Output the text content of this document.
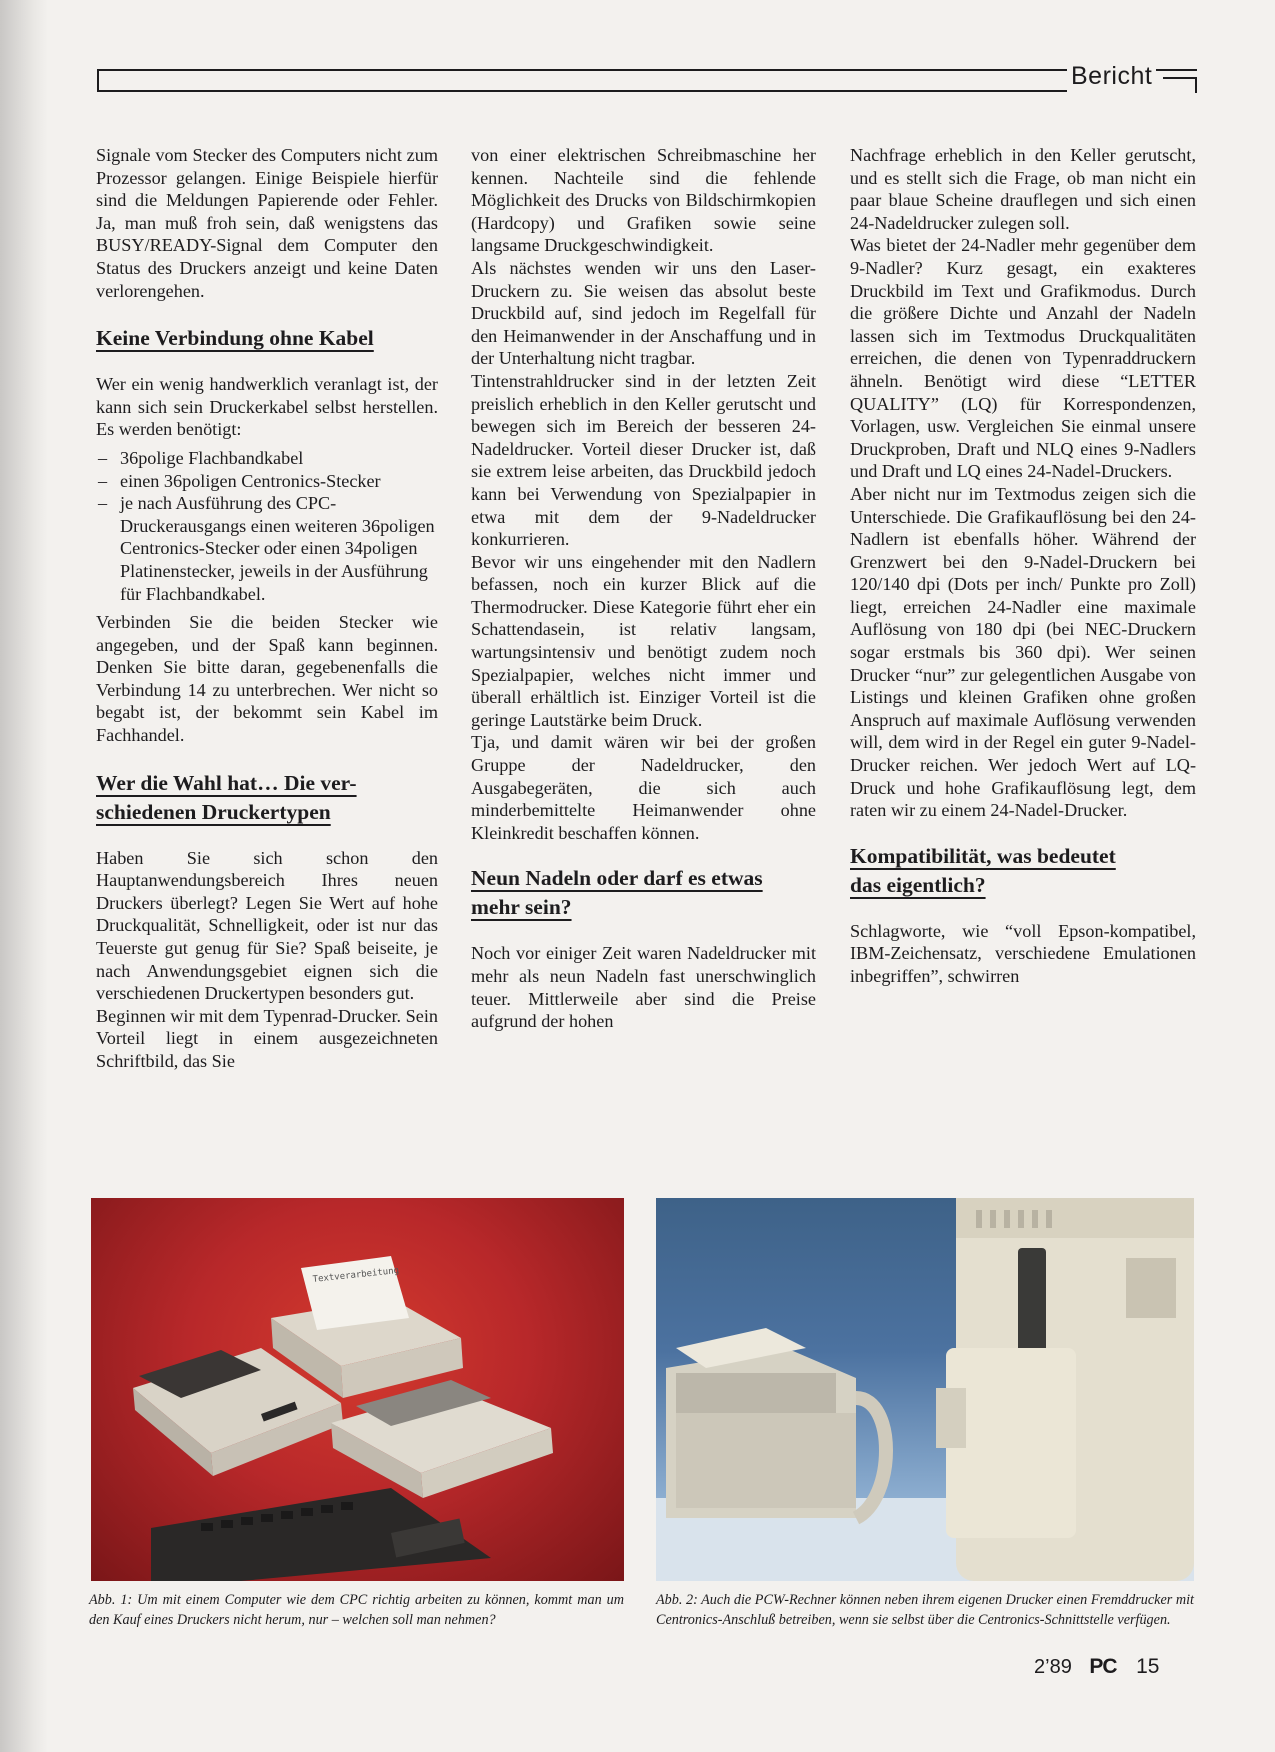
Bericht

Signale vom Stecker des Computers nicht zum Prozessor gelangen. Einige Beispiele hierfür sind die Meldungen Papierende oder Fehler. Ja, man muß froh sein, daß wenigstens das BUSY/READY-Signal dem Computer den Status des Druckers anzeigt und keine Daten verlorengehen.

Keine Verbindung ohne Kabel

Wer ein wenig handwerklich veranlagt ist, der kann sich sein Druckerkabel selbst herstellen. Es werden benötigt:

– 36polige Flachbandkabel
– einen 36poligen Centronics-Stecker
– je nach Ausführung des CPC-Druckerausgangs einen weiteren 36poligen Centronics-Stecker oder einen 34poligen Platinenstecker, jeweils in der Ausführung für Flachbandkabel.

Verbinden Sie die beiden Stecker wie angegeben, und der Spaß kann beginnen. Denken Sie bitte daran, gegebenenfalls die Verbindung 14 zu unterbrechen. Wer nicht so begabt ist, der bekommt sein Kabel im Fachhandel.

Wer die Wahl hat… Die ver-
schiedenen Druckertypen

Haben Sie sich schon den Hauptanwendungsbereich Ihres neuen Druckers überlegt? Legen Sie Wert auf hohe Druckqualität, Schnelligkeit, oder ist nur das Teuerste gut genug für Sie? Spaß beiseite, je nach Anwendungsgebiet eignen sich die verschiedenen Druckertypen besonders gut.

Beginnen wir mit dem Typenrad-Drucker. Sein Vorteil liegt in einem ausgezeichneten Schriftbild, das Sie

von einer elektrischen Schreibmaschine her kennen. Nachteile sind die fehlende Möglichkeit des Drucks von Bildschirmkopien (Hardcopy) und Grafiken sowie seine langsame Druckgeschwindigkeit.

Als nächstes wenden wir uns den Laser-Druckern zu. Sie weisen das absolut beste Druckbild auf, sind jedoch im Regelfall für den Heimanwender in der Anschaffung und in der Unterhaltung nicht tragbar.

Tintenstrahldrucker sind in der letzten Zeit preislich erheblich in den Keller gerutscht und bewegen sich im Bereich der besseren 24-Nadeldrucker. Vorteil dieser Drucker ist, daß sie extrem leise arbeiten, das Druckbild jedoch kann bei Verwendung von Spezialpapier in etwa mit dem der 9-Nadeldrucker konkurrieren.

Bevor wir uns eingehender mit den Nadlern befassen, noch ein kurzer Blick auf die Thermodrucker. Diese Kategorie führt eher ein Schattendasein, ist relativ langsam, wartungsintensiv und benötigt zudem noch Spezialpapier, welches nicht immer und überall erhältlich ist. Einziger Vorteil ist die geringe Lautstärke beim Druck.

Tja, und damit wären wir bei der großen Gruppe der Nadeldrucker, den Ausgabegeräten, die sich auch minderbemittelte Heimanwender ohne Kleinkredit beschaffen können.

Neun Nadeln oder darf es etwas
mehr sein?

Noch vor einiger Zeit waren Nadeldrucker mit mehr als neun Nadeln fast unerschwinglich teuer. Mittlerweile aber sind die Preise aufgrund der hohen

Nachfrage erheblich in den Keller gerutscht, und es stellt sich die Frage, ob man nicht ein paar blaue Scheine drauflegen und sich einen 24-Nadeldrucker zulegen soll.

Was bietet der 24-Nadler mehr gegenüber dem 9-Nadler? Kurz gesagt, ein exakteres Druckbild im Text und Grafikmodus. Durch die größere Dichte und Anzahl der Nadeln lassen sich im Textmodus Druckqualitäten erreichen, die denen von Typenraddruckern ähneln. Benötigt wird diese “LETTER QUALITY” (LQ) für Korrespondenzen, Vorlagen, usw. Vergleichen Sie einmal unsere Druckproben, Draft und NLQ eines 9-Nadlers und Draft und LQ eines 24-Nadel-Druckers.

Aber nicht nur im Textmodus zeigen sich die Unterschiede. Die Grafikauflösung bei den 24-Nadlern ist ebenfalls höher. Während der Grenzwert bei den 9-Nadel-Druckern bei 120/140 dpi (Dots per inch/ Punkte pro Zoll) liegt, erreichen 24-Nadler eine maximale Auflösung von 180 dpi (bei NEC-Druckern sogar erstmals bis 360 dpi). Wer seinen Drucker “nur” zur gelegentlichen Ausgabe von Listings und kleinen Grafiken ohne großen Anspruch auf maximale Auflösung verwenden will, dem wird in der Regel ein guter 9-Nadel-Drucker reichen. Wer jedoch Wert auf LQ-Druck und hohe Grafikauflösung legt, dem raten wir zu einem 24-Nadel-Drucker.

Kompatibilität, was bedeutet
das eigentlich?

Schlagworte, wie “voll Epson-kompatibel, IBM-Zeichensatz, verschiedene Emulationen inbegriffen”, schwirren

Textverarbeitung
Abb. 1: Um mit einem Computer wie dem CPC richtig arbeiten zu können, kommt man um den Kauf eines Druckers nicht herum, nur – welchen soll man nehmen?
Abb. 2: Auch die PCW-Rechner können neben ihrem eigenen Drucker einen Fremddrucker mit Centronics-Anschluß betreiben, wenn sie selbst über die Centronics-Schnittstelle verfügen.
2’89 PC 15
